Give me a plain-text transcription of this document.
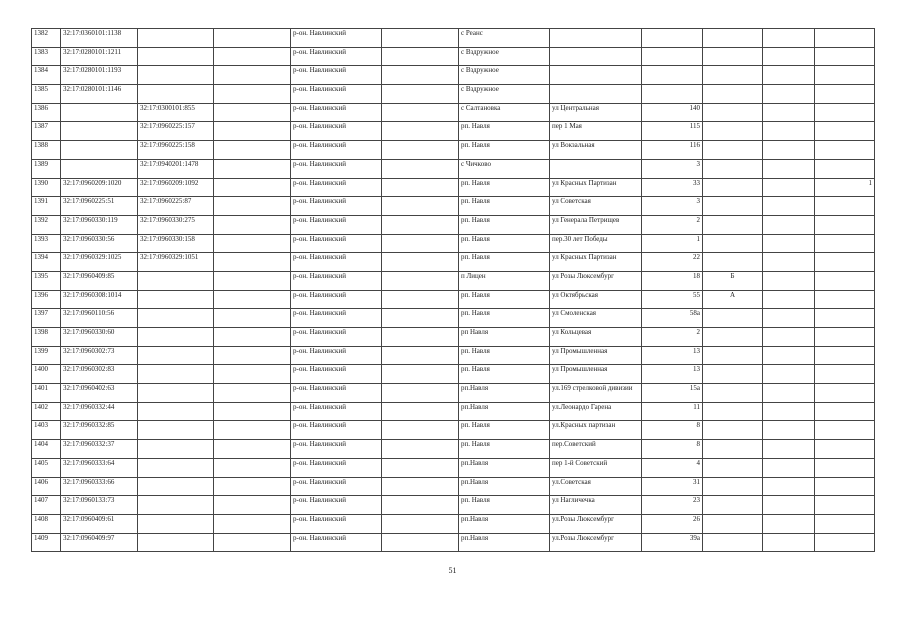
1382	32:17:0360101:1138			р-он. Навлинский		с Реанс					
1383	32:17:0280101:1211			р-он. Навлинский		с Вздружное					
1384	32:17:0280101:1193			р-он. Навлинский		с Вздружное					
1385	32:17:0280101:1146			р-он. Навлинский		с Вздружное					
1386		32:17:0300101:855		р-он. Навлинский		с Салтановка	ул Центральная	140			
1387		32:17:0960225:157		р-он. Навлинский		рп. Навля	пер 1 Мая	115			
1388		32:17:0960225:158		р-он. Навлинский		рп. Навля	ул Вокзальная	116			
1389		32:17:0940201:1478		р-он. Навлинский		с Чичково		3			
1390	32:17:0960209:1020	32:17:0960209:1092		р-он. Навлинский		рп. Навля	ул Красных Партизан	33			1
1391	32:17:0960225:51	32:17:0960225:87		р-он. Навлинский		рп. Навля	ул Советская	3			
1392	32:17:0960330:119	32:17:0960330:275		р-он. Навлинский		рп. Навля	ул Генерала Петрищев	2			
1393	32:17:0960330:56	32:17:0960330:158		р-он. Навлинский		рп. Навля	пер.30 лет Победы	1			
1394	32:17:0960329:1025	32:17:0960329:1051		р-он. Навлинский		рп. Навля	ул Красных Партизан	22			
1395	32:17:0960409:85			р-он. Навлинский		п Лицен	ул Розы Люксембург	18	Б		
1396	32:17:0960308:1014			р-он. Навлинский		рп. Навля	ул Октябрьская	55	А		
1397	32:17:0960110:56			р-он. Навлинский		рп. Навля	ул Смоленская	58а			
1398	32:17:0960330:60			р-он. Навлинский		рп Навля	ул Кольцевая	2			
1399	32:17:0960302:73			р-он. Навлинский		рп. Навля	ул Промышленная	13			
1400	32:17:0960302:83			р-он. Навлинский		рп. Навля	ул Промышленная	13			
1401	32:17:0960402:63			р-он. Навлинский		рп.Навля	ул.169 стрелковой дивизии	15а			
1402	32:17:0960332:44			р-он. Навлинский		рп.Навля	ул.Леонардо Гарена	11			
1403	32:17:0960332:85			р-он. Навлинский		рп. Навля	ул.Красных партизан	8			
1404	32:17:0960332:37			р-он. Навлинский		рп. Навля	пер.Советский	8			
1405	32:17:0960333:64			р-он. Навлинский		рп.Навля	пер 1-й Советский	4			
1406	32:17:0960333:66			р-он. Навлинский		рп.Навля	ул.Советская	31			
1407	32:17:0960133:73			р-он. Навлинский		рп. Навля	ул Нагличечка	23			
1408	32:17:0960409:61			р-он. Навлинский		рп.Навля	ул.Розы Люксембург	26			
1409	32:17:0960409:97			р-он. Навлинский		рп.Навля	ул.Розы Люксембург	39а			
51
